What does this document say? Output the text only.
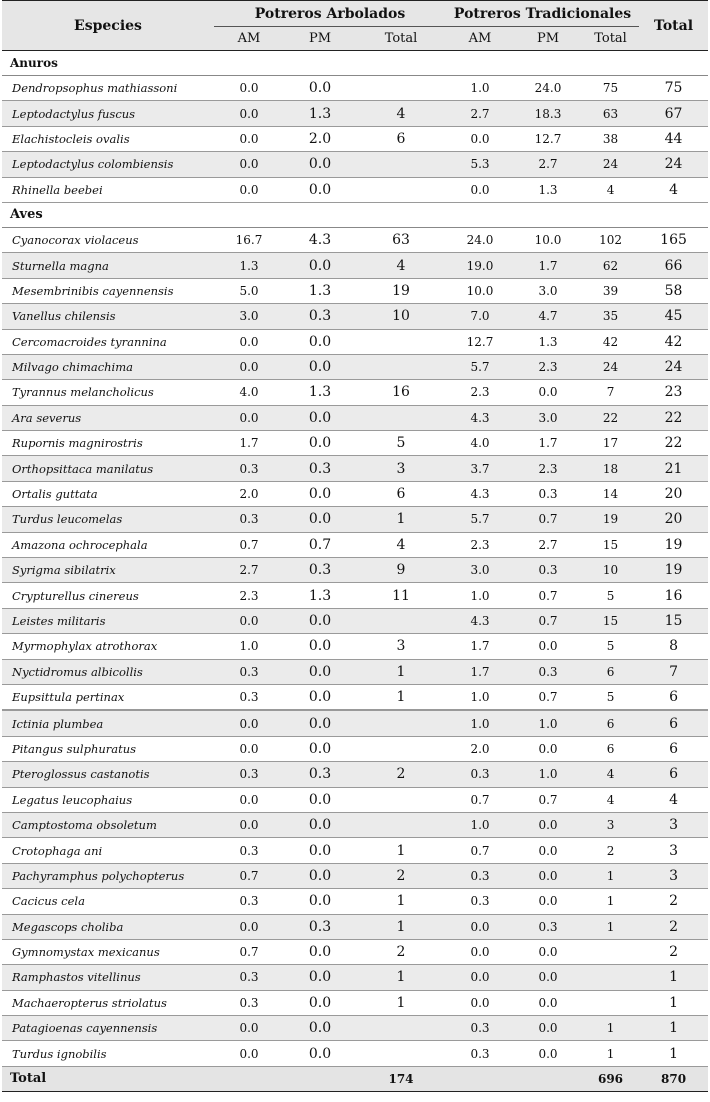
Especies	Potreros Arbolados			Potreros Tradicionales			Total
	AM	PM	Total	AM	PM	Total	
Anuros							
Dendropsophus mathiassoni	0.0	0.0		1.0	24.0	75	75
Leptodactylus fuscus	0.0	1.3	4	2.7	18.3	63	67
Elachistocleis ovalis	0.0	2.0	6	0.0	12.7	38	44
Leptodactylus colombiensis	0.0	0.0		5.3	2.7	24	24
Rhinella beebei	0.0	0.0		0.0	1.3	4	4
Aves							
Cyanocorax violaceus	16.7	4.3	63	24.0	10.0	102	165
Sturnella magna	1.3	0.0	4	19.0	1.7	62	66
Mesembrinibis cayennensis	5.0	1.3	19	10.0	3.0	39	58
Vanellus chilensis	3.0	0.3	10	7.0	4.7	35	45
Cercomacroides tyrannina	0.0	0.0		12.7	1.3	42	42
Milvago chimachima	0.0	0.0		5.7	2.3	24	24
Tyrannus melancholicus	4.0	1.3	16	2.3	0.0	7	23
Ara severus	0.0	0.0		4.3	3.0	22	22
Rupornis magnirostris	1.7	0.0	5	4.0	1.7	17	22
Orthopsittaca manilatus	0.3	0.3	3	3.7	2.3	18	21
Ortalis guttata	2.0	0.0	6	4.3	0.3	14	20
Turdus leucomelas	0.3	0.0	1	5.7	0.7	19	20
Amazona ochrocephala	0.7	0.7	4	2.3	2.7	15	19
Syrigma sibilatrix	2.7	0.3	9	3.0	0.3	10	19
Crypturellus cinereus	2.3	1.3	11	1.0	0.7	5	16
Leistes militaris	0.0	0.0		4.3	0.7	15	15
Myrmophylax atrothorax	1.0	0.0	3	1.7	0.0	5	8
Nyctidromus albicollis	0.3	0.0	1	1.7	0.3	6	7
Eupsittula pertinax	0.3	0.0	1	1.0	0.7	5	6
Ictinia plumbea	0.0	0.0		1.0	1.0	6	6
Pitangus sulphuratus	0.0	0.0		2.0	0.0	6	6
Pteroglossus castanotis	0.3	0.3	2	0.3	1.0	4	6
Legatus leucophaius	0.0	0.0		0.7	0.7	4	4
Camptostoma obsoletum	0.0	0.0		1.0	0.0	3	3
Crotophaga ani	0.3	0.0	1	0.7	0.0	2	3
Pachyramphus polychopterus	0.7	0.0	2	0.3	0.0	1	3
Cacicus cela	0.3	0.0	1	0.3	0.0	1	2
Megascops choliba	0.0	0.3	1	0.0	0.3	1	2
Gymnomystax mexicanus	0.7	0.0	2	0.0	0.0		2
Ramphastos vitellinus	0.3	0.0	1	0.0	0.0		1
Machaeropterus striolatus	0.3	0.0	1	0.0	0.0		1
Patagioenas cayennensis	0.0	0.0		0.3	0.0	1	1
Turdus ignobilis	0.0	0.0		0.3	0.0	1	1
Total			174			696	870
